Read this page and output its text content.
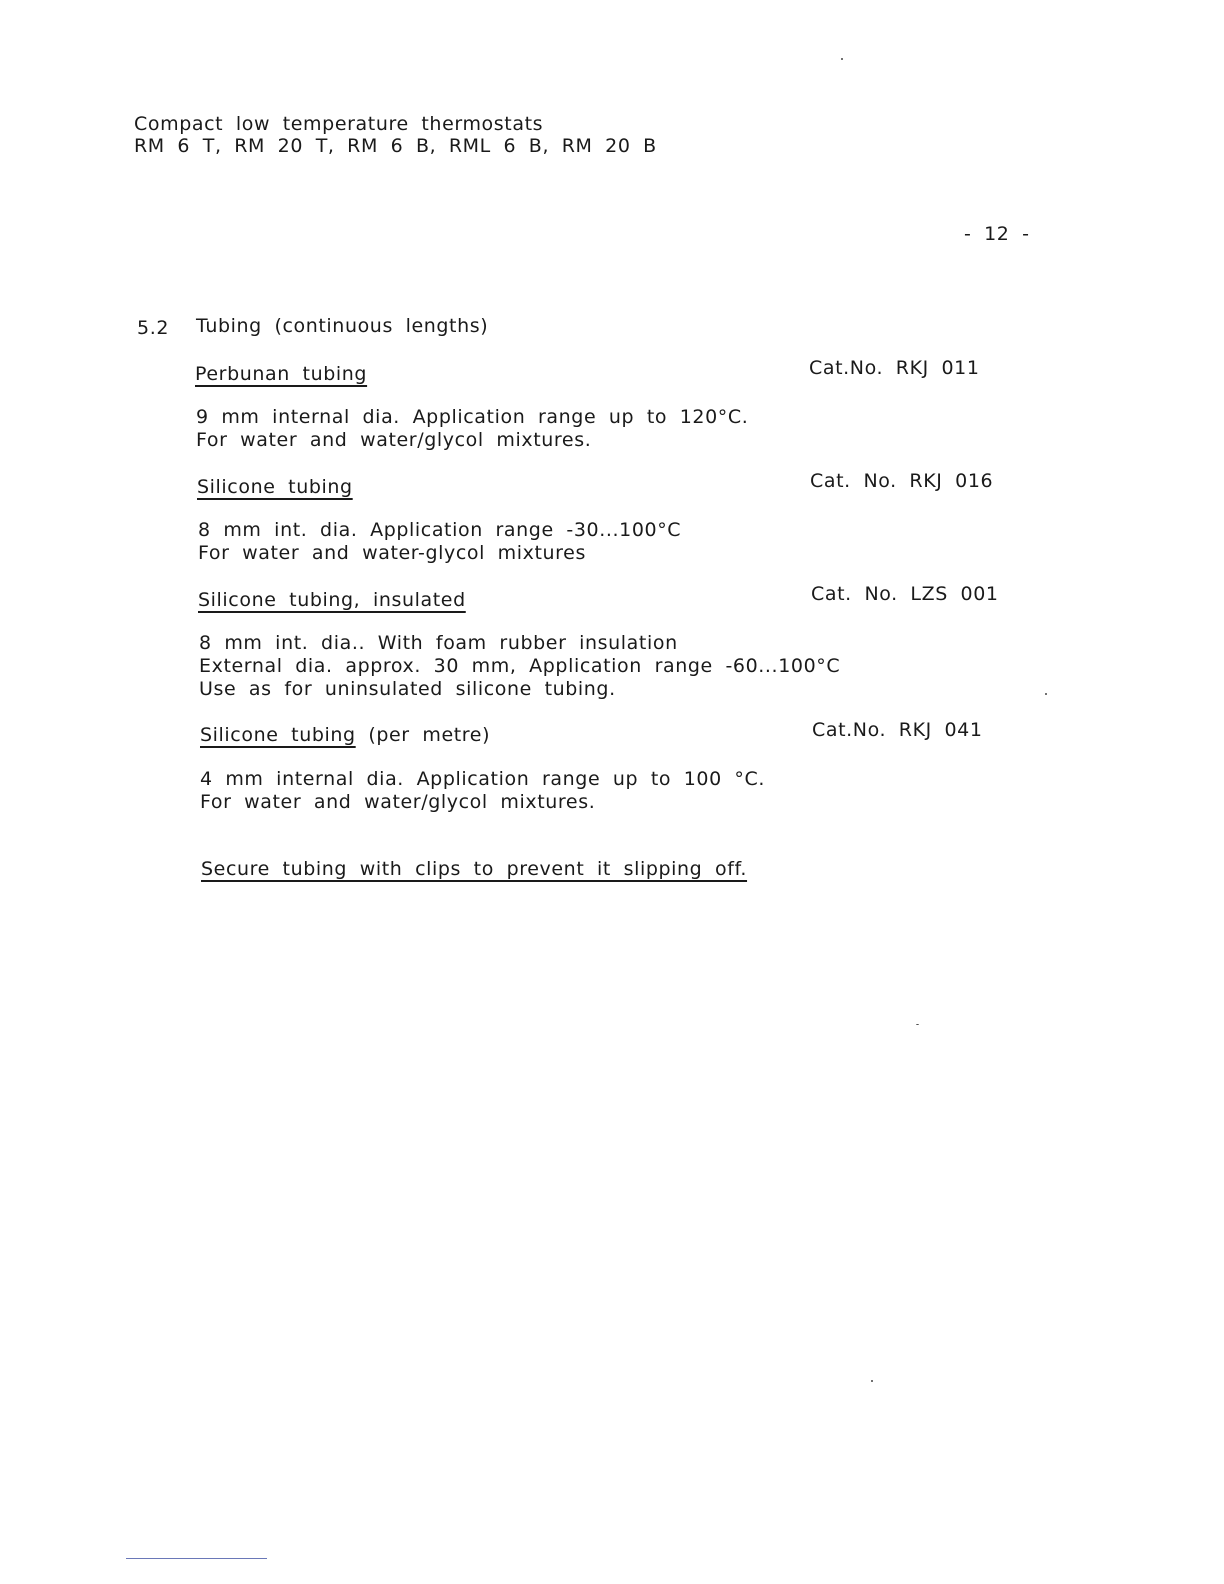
Compact low temperature thermostats
RM 6 T, RM 20 T, RM 6 B, RML 6 B, RM 20 B
- 12 -
5.2 Tubing (continuous lengths)
Perbunan tubing	Cat.No. RKJ 011
9 mm internal dia. Application range up to 120°C.
For water and water/glycol mixtures.
Silicone tubing	Cat. No. RKJ 016
8 mm int. dia. Application range -30...100°C
For water and water-glycol mixtures
Silicone tubing, insulated	Cat. No. LZS 001
8 mm int. dia.. With foam rubber insulation
External dia. approx. 30 mm, Application range -60...100°C
Use as for uninsulated silicone tubing.
Silicone tubing (per metre)	Cat.No. RKJ 041
4 mm internal dia. Application range up to 100 °C.
For water and water/glycol mixtures.
Secure tubing with clips to prevent it slipping off.
